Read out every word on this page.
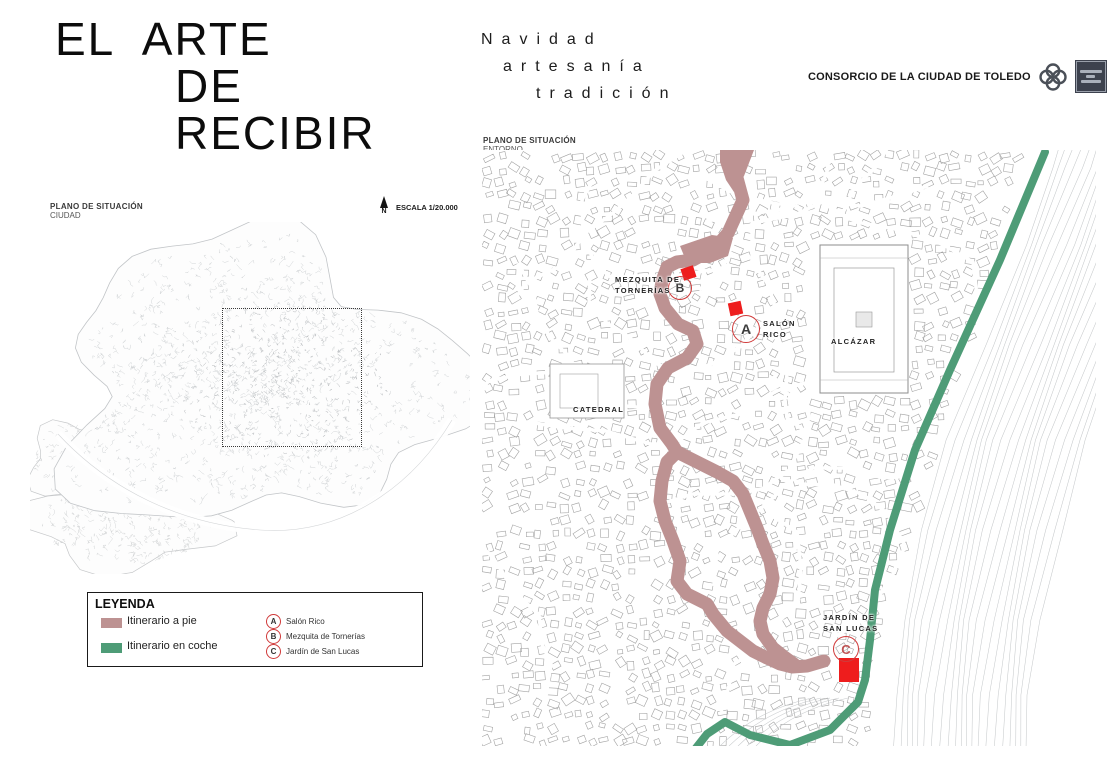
EL ARTE
DE
RECIBIR
Navidad
artesanía
tradición
CONSORCIO DE LA CIUDAD DE TOLEDO
PLANO DE SITUACIÓN
CIUDAD	N	ESCALA 1/20.000
LEYENDA
Itinerario a pie
Itinerario en coche
A Salón Rico
B Mezquita de Tornerías
C Jardín de San Lucas
PLANO DE SITUACIÓN
B
A
C
MEZQUITA DE
TORNERÍAS
SALÓN
RICO
ALCÁZAR
CATEDRAL
JARDÍN DE
SAN LUCAS
